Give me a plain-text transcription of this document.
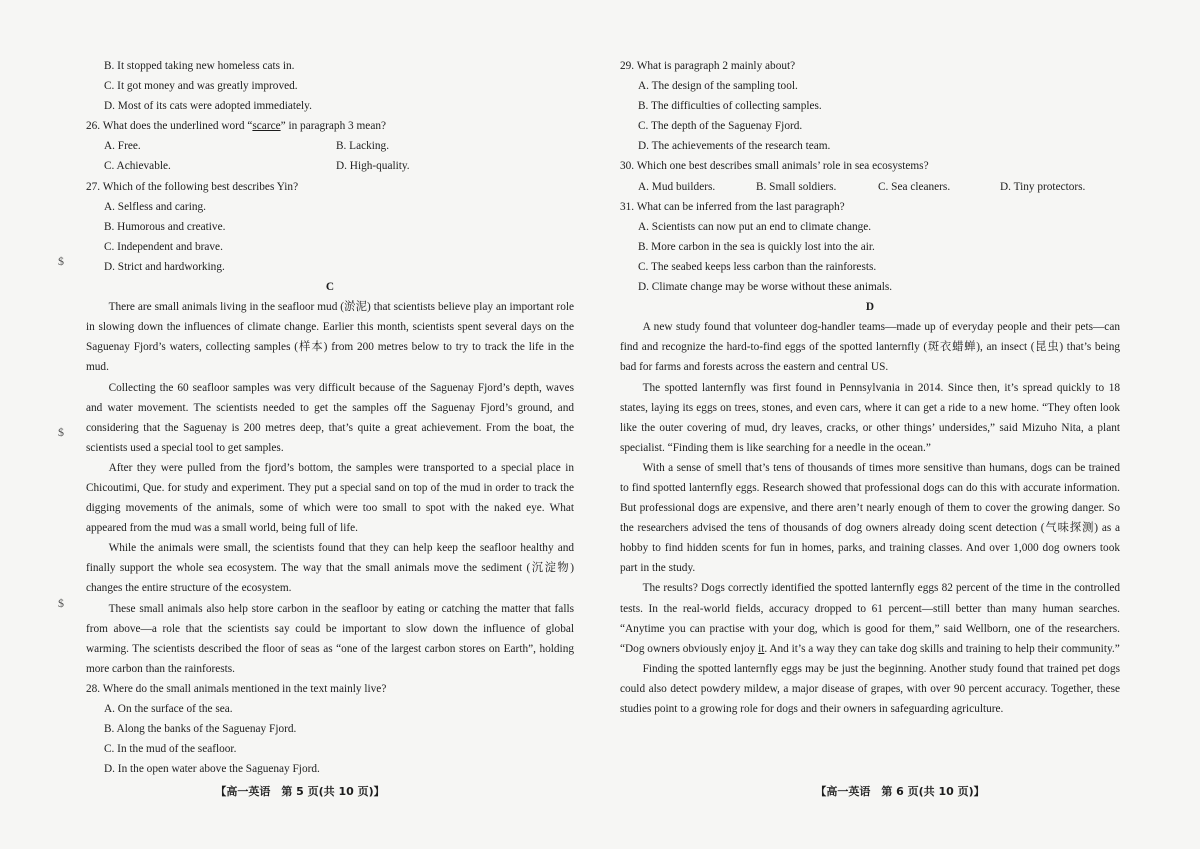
$
$
$
B. It stopped taking new homeless cats in.
C. It got money and was greatly improved.
D. Most of its cats were adopted immediately.
26. What does the underlined word “scarce” in paragraph 3 mean?
A. Free.	B. Lacking.
C. Achievable.	D. High-quality.
27. Which of the following best describes Yin?
A. Selfless and caring.
B. Humorous and creative.
C. Independent and brave.
D. Strict and hardworking.
C
There are small animals living in the seafloor mud (淤泥) that scientists believe play an important role in slowing down the influences of climate change. Earlier this month, scientists spent several days on the Saguenay Fjord’s waters, collecting samples (样本) from 200 metres below to try to track the life in the mud.
Collecting the 60 seafloor samples was very difficult because of the Saguenay Fjord’s depth, waves and water movement. The scientists needed to get the samples off the Saguenay Fjord’s ground, and considering that the Saguenay is 200 metres deep, that’s quite a great achievement. From the boat, the scientists used a special tool to get samples.
After they were pulled from the fjord’s bottom, the samples were transported to a special place in Chicoutimi, Que. for study and experiment. They put a special sand on top of the mud in order to track the digging movements of the animals, some of which were too small to spot with the naked eye. What appeared from the mud was a small world, being full of life.
While the animals were small, the scientists found that they can help keep the seafloor healthy and finally support the whole sea ecosystem. The way that the small animals move the sediment (沉淀物) changes the entire structure of the ecosystem.
These small animals also help store carbon in the seafloor by eating or catching the matter that falls from above—a role that the scientists say could be important to slow down the influence of global warming. The scientists described the floor of seas as “one of the largest carbon stores on Earth”, holding more carbon than the rainforests.
28. Where do the small animals mentioned in the text mainly live?
A. On the surface of the sea.
B. Along the banks of the Saguenay Fjord.
C. In the mud of the seafloor.
D. In the open water above the Saguenay Fjord.
【高一英语　第 5 页(共 10 页)】
29. What is paragraph 2 mainly about?
A. The design of the sampling tool.
B. The difficulties of collecting samples.
C. The depth of the Saguenay Fjord.
D. The achievements of the research team.
30. Which one best describes small animals’ role in sea ecosystems?
A. Mud builders.	B. Small soldiers.	C. Sea cleaners.	D. Tiny protectors.
31. What can be inferred from the last paragraph?
A. Scientists can now put an end to climate change.
B. More carbon in the sea is quickly lost into the air.
C. The seabed keeps less carbon than the rainforests.
D. Climate change may be worse without these animals.
D
A new study found that volunteer dog-handler teams—made up of everyday people and their pets—can find and recognize the hard-to-find eggs of the spotted lanternfly (斑衣蜡蝉), an insect (昆虫) that’s being bad for farms and forests across the eastern and central US.
The spotted lanternfly was first found in Pennsylvania in 2014. Since then, it’s spread quickly to 18 states, laying its eggs on trees, stones, and even cars, where it can get a ride to a new home. “They often look like the outer covering of mud, dry leaves, cracks, or other things’ undersides,” said Mizuho Nita, a plant specialist. “Finding them is like searching for a needle in the ocean.”
With a sense of smell that’s tens of thousands of times more sensitive than humans, dogs can be trained to find spotted lanternfly eggs. Research showed that professional dogs can do this with accurate information. But professional dogs are expensive, and there aren’t nearly enough of them to cover the growing danger. So the researchers advised the tens of thousands of dog owners already doing scent detection (气味探测) as a hobby to find hidden scents for fun in homes, parks, and training classes. And over 1,000 dog owners took part in the study.
The results? Dogs correctly identified the spotted lanternfly eggs 82 percent of the time in the controlled tests. In the real-world fields, accuracy dropped to 61 percent—still better than many human searches. “Anytime you can practise with your dog, which is good for them,” said Wellborn, one of the researchers. “Dog owners obviously enjoy it. And it’s a way they can take dog skills and training to help their community.”
Finding the spotted lanternfly eggs may be just the beginning. Another study found that trained pet dogs could also detect powdery mildew, a major disease of grapes, with over 90 percent accuracy. Together, these studies point to a growing role for dogs and their owners in safeguarding agriculture.
【高一英语　第 6 页(共 10 页)】
